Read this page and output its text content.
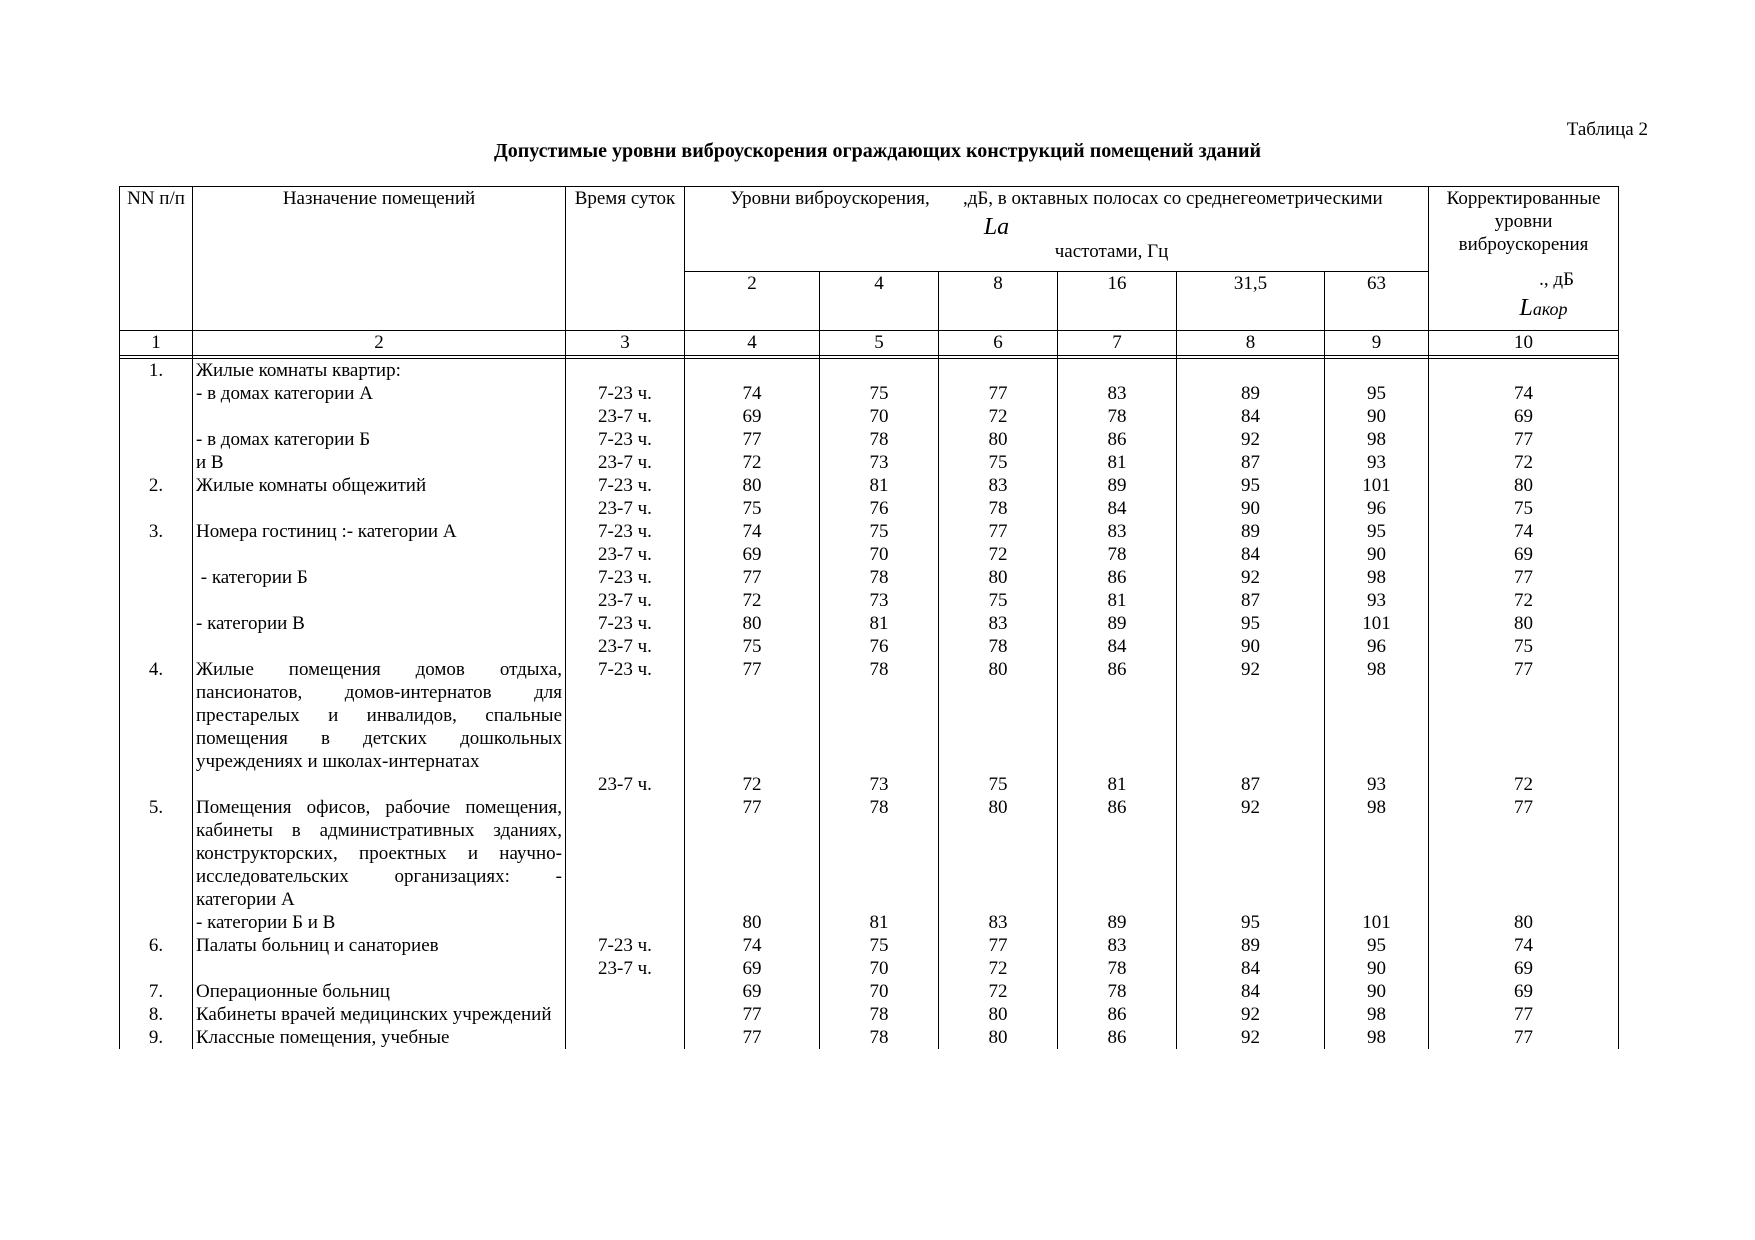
Таблица 2
Допустимые уровни виброускорения ограждающих конструкций помещений зданий
NN п/п	Назначение помещений	Время суток	Уровни виброускорения, ,дБ, в октавных полосах со среднегеометрическими
La
частотами, Гц						Корректированные уровни виброускорения
., дБ
Laкор

			2	4	8	16	31,5	63	
1	2	3	4	5	6	7	8	9	10

1.	Жилые комнаты квартир:								
	- в домах категории А	7-23 ч.	74	75	77	83	89	95	74
		23-7 ч.	69	70	72	78	84	90	69
	- в домах категории Б	7-23 ч.	77	78	80	86	92	98	77
	и В	23-7 ч.	72	73	75	81	87	93	72
2.	Жилые комнаты общежитий	7-23 ч.	80	81	83	89	95	101	80
		23-7 ч.	75	76	78	84	90	96	75
3.	Номера гостиниц :- категории А	7-23 ч.	74	75	77	83	89	95	74
		23-7 ч.	69	70	72	78	84	90	69
	- категории Б	7-23 ч.	77	78	80	86	92	98	77
		23-7 ч.	72	73	75	81	87	93	72
	- категории В	7-23 ч.	80	81	83	89	95	101	80
		23-7 ч.	75	76	78	84	90	96	75
4.	Жилые помещения домов отдыха, пансионатов, домов-интернатов для престарелых и инвалидов, спальные помещения в детских дошкольных учреждениях и школах-интернатах	7-23 ч.	77	78	80	86	92	98	77
		23-7 ч.	72	73	75	81	87	93	72
5.	Помещения офисов, рабочие помещения, кабинеты в административных зданиях, конструкторских, проектных и научно-исследовательских организациях: - категории А		77	78	80	86	92	98	77
	- категории Б и В		80	81	83	89	95	101	80
6.	Палаты больниц и санаториев	7-23 ч.	74	75	77	83	89	95	74
		23-7 ч.	69	70	72	78	84	90	69
7.	Операционные больниц		69	70	72	78	84	90	69
8.	Кабинеты врачей медицинских учреждений		77	78	80	86	92	98	77
9.	Классные помещения, учебные		77	78	80	86	92	98	77
